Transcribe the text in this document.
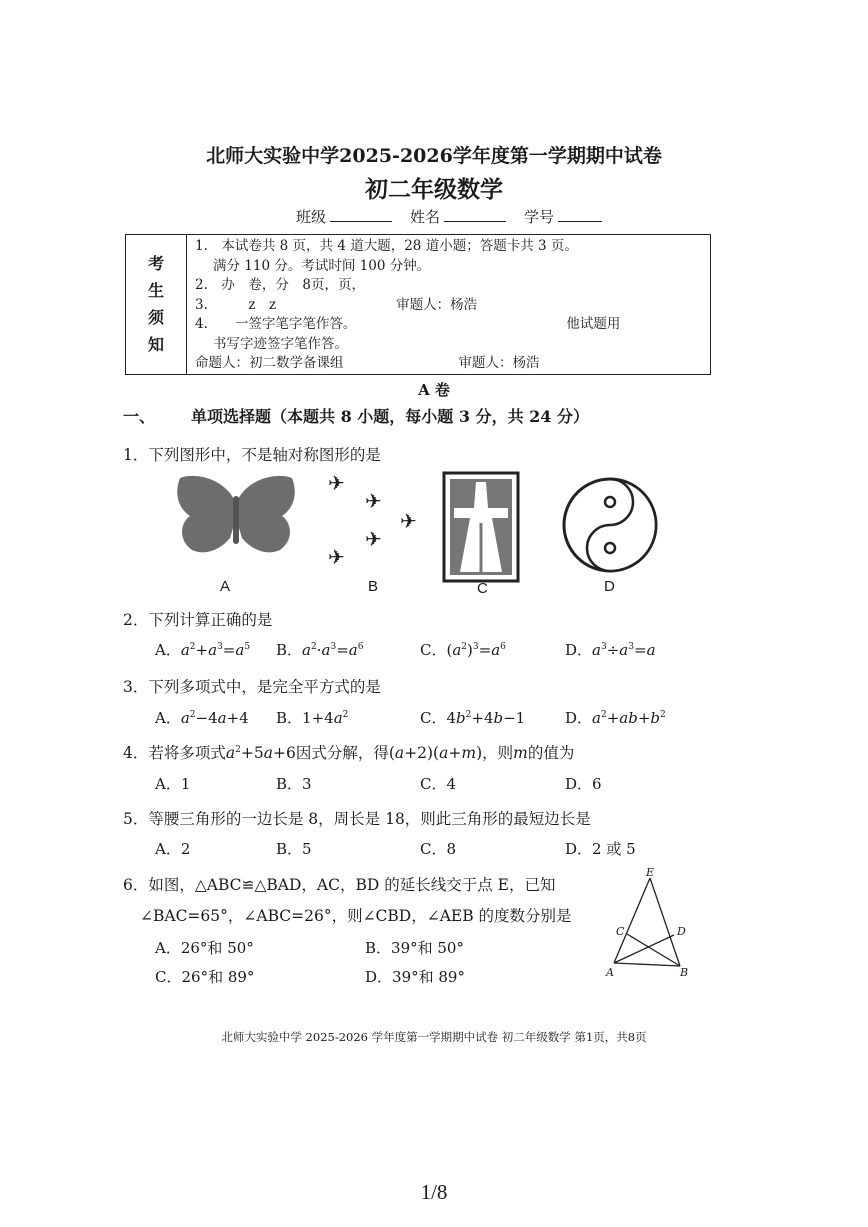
北师大实验中学2025-2026学年度第一学期期中试卷
初二年级数学
班级	姓名	学号
考
生
须
知

1.　本试卷共 8 页，共 4 道大题，28 道小题；答题卡共 3 页。
满分 110 分。考试时间 100 分钟。
2.　办　卷，分　8页，页，
3.　　　z　z	审题人：杨浩
4.　　一签字笔字笔作答。	他试题用
书写字迹签字笔作答。
命题人：初二数学备课组	审题人：杨浩
A 卷
一、 单项选择题（本题共 8 小题，每小题 3 分，共 24 分）
1．下列图形中，不是轴对称图形的是
✈
✈
✈
✈
✈
A	B	C	D
2．下列计算正确的是
A．$a^2+a^3=a^5$ B．$a^2\cdot a^3=a^6$	C．$(a^2)^3=a^6$	D．$a^3\div a^3=a$
3．下列多项式中，是完全平方式的是
A．$a^2-4a+4$ B．$1+4a^2$	C．$4b^2+4b-1$	D．$a^2+ab+b^2$
4．若将多项式$a^2+5a+6$因式分解，得(a+2)(a+m)，则m的值为
A．1	B．3	C．4	D．6
5．等腰三角形的一边长是 8，周长是 18，则此三角形的最短边长是
A．2	B．5	C．8	D．2 或 5
6．如图，△ABC≌△BAD，AC，BD 的延长线交于点 E，已知
∠BAC=65°，∠ABC=26°，则∠CBD，∠AEB 的度数分别是
A．26°和 50°	B．39°和 50°
C．26°和 89°	D．39°和 89°
E
C	D
A	B
北师大实验中学 2025-2026 学年度第一学期期中试卷 初二年级数学 第1页，共8页
1/8
